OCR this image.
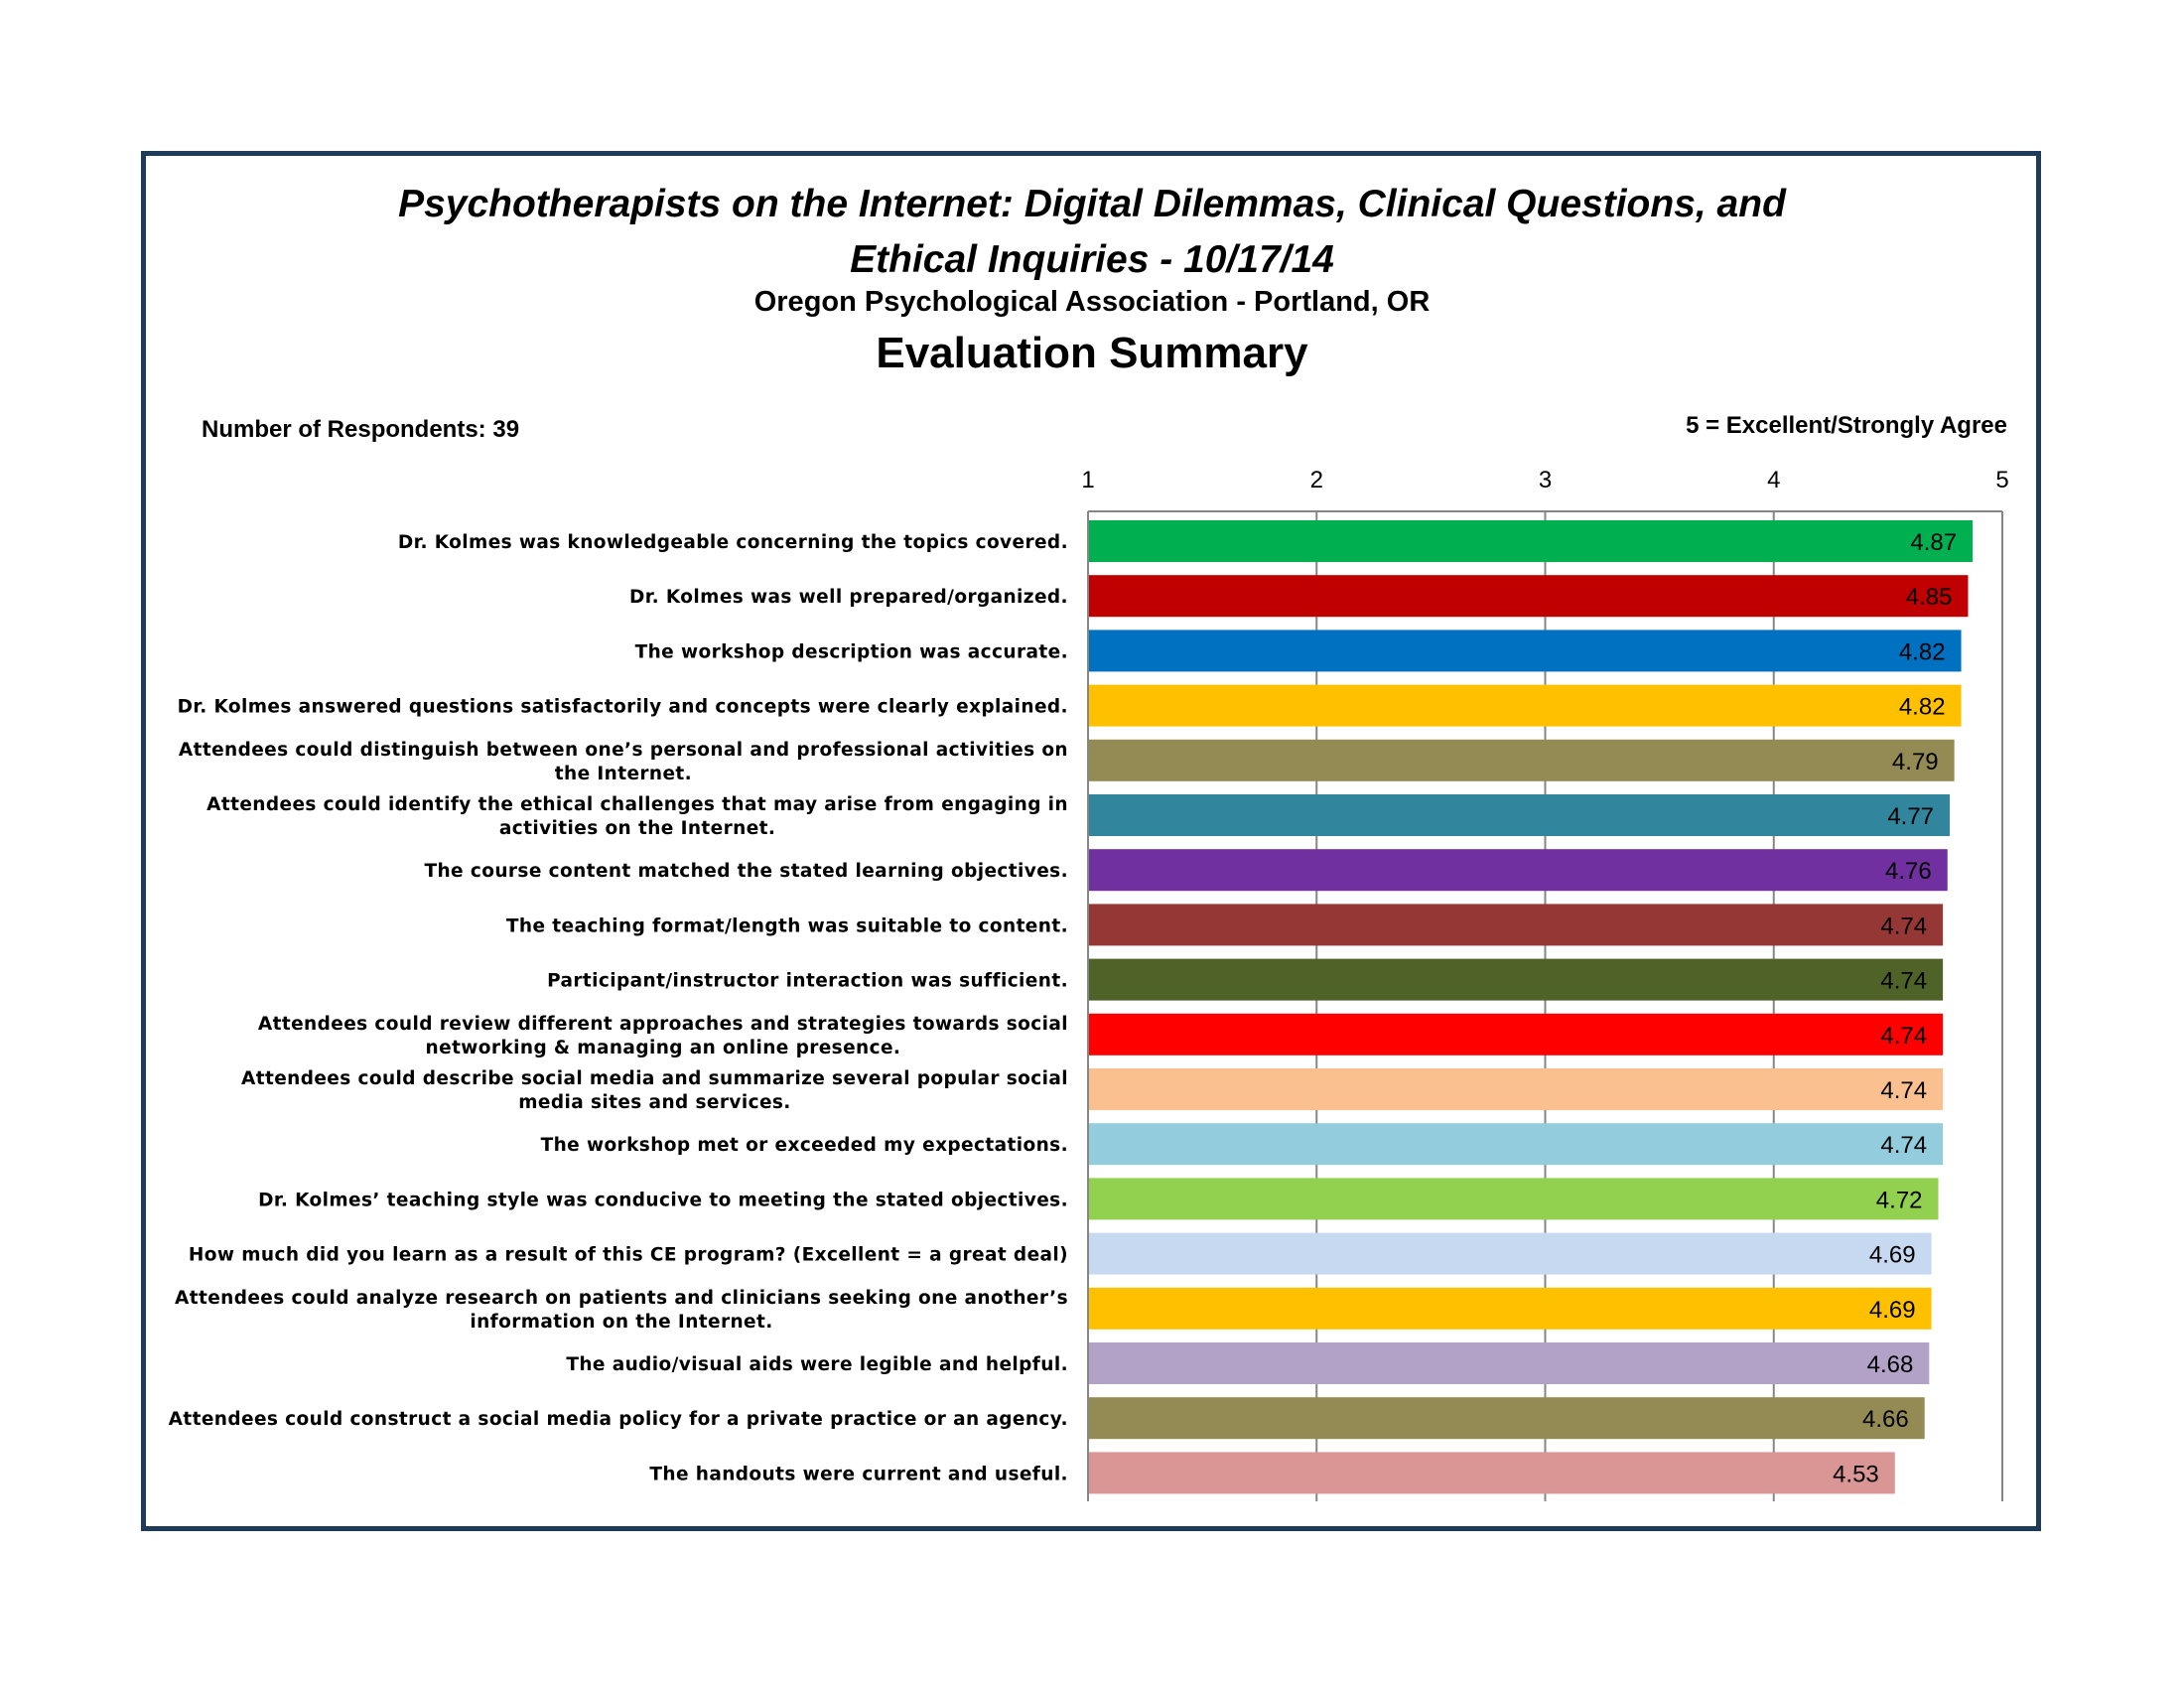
Psychotherapists on the Internet: Digital Dilemmas, Clinical Questions, and
Ethical Inquiries - 10/17/14
Oregon Psychological Association - Portland, OR
Evaluation Summary
Number of Respondents: 39	5 = Excellent/Strongly Agree
1	2	3	4	5
4.87
Dr. Kolmes was knowledgeable concerning the topics covered.
4.85
Dr. Kolmes was well prepared/organized.
4.82
The workshop description was accurate.
4.82
Dr. Kolmes answered questions satisfactorily and concepts were clearly explained.
4.79
Attendees could distinguish between one’s personal and professional activities on
the Internet.
4.77
Attendees could identify the ethical challenges that may arise from engaging in
activities on the Internet.
4.76
The course content matched the stated learning objectives.
4.74
The teaching format/length was suitable to content.
4.74
Participant/instructor interaction was sufficient.
4.74
Attendees could review different approaches and strategies towards social
networking & managing an online presence.
4.74
Attendees could describe social media and summarize several popular social
media sites and services.
4.74
The workshop met or exceeded my expectations.
4.72
Dr. Kolmes’ teaching style was conducive to meeting the stated objectives.
4.69
How much did you learn as a result of this CE program? (Excellent = a great deal)
4.69
Attendees could analyze research on patients and clinicians seeking one another’s
information on the Internet.
4.68
The audio/visual aids were legible and helpful.
4.66
Attendees could construct a social media policy for a private practice or an agency.
4.53
The handouts were current and useful.
